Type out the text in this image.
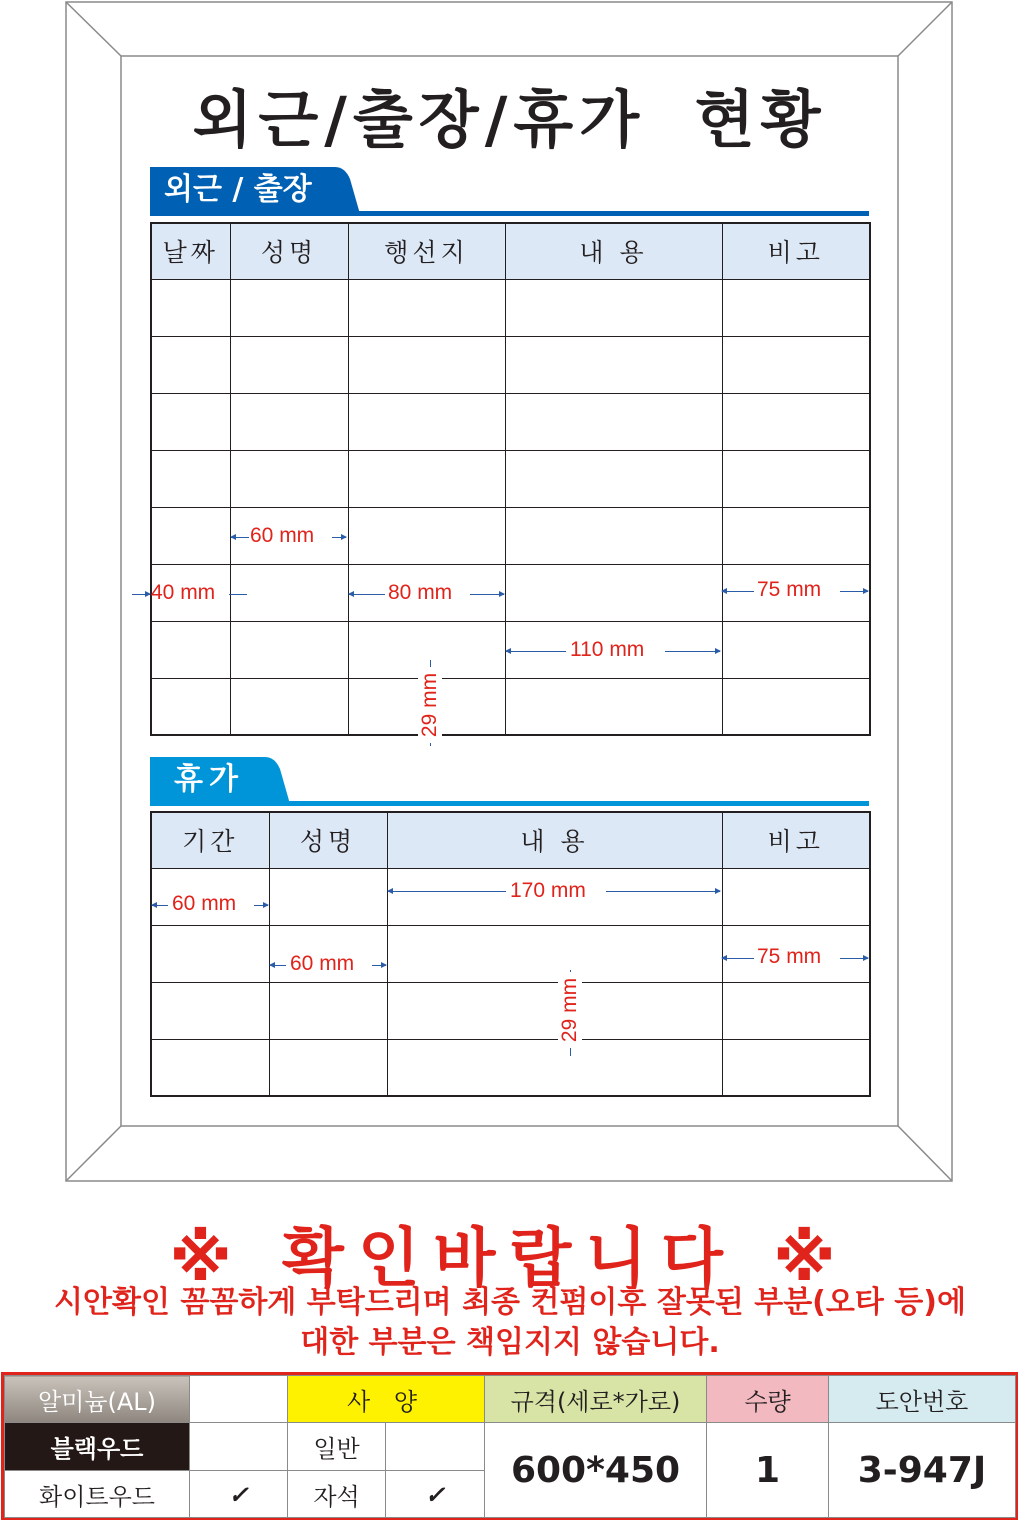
외근/출장/휴가 현황
외근 / 출장
날짜	성명	행선지	내 용	비고

60 mm
40 mm	80 mm
110 mm
75 mm
29 mm
휴가
기간	성명	내 용	비고

60 mm
170 mm
60 mm	75 mm
29 mm
※ 확인바랍니다 ※
시안확인 꼼꼼하게 부탁드리며 최종 컨펌이후 잘못된 부분(오타 등)에
대한 부분은 책임지지 않습니다.
알미늄(AL)		사 양		규격(세로*가로)	수량	도안번호
블랙우드		일반		600*450	1	3-947J
화이트우드	✓	자석	✓			
